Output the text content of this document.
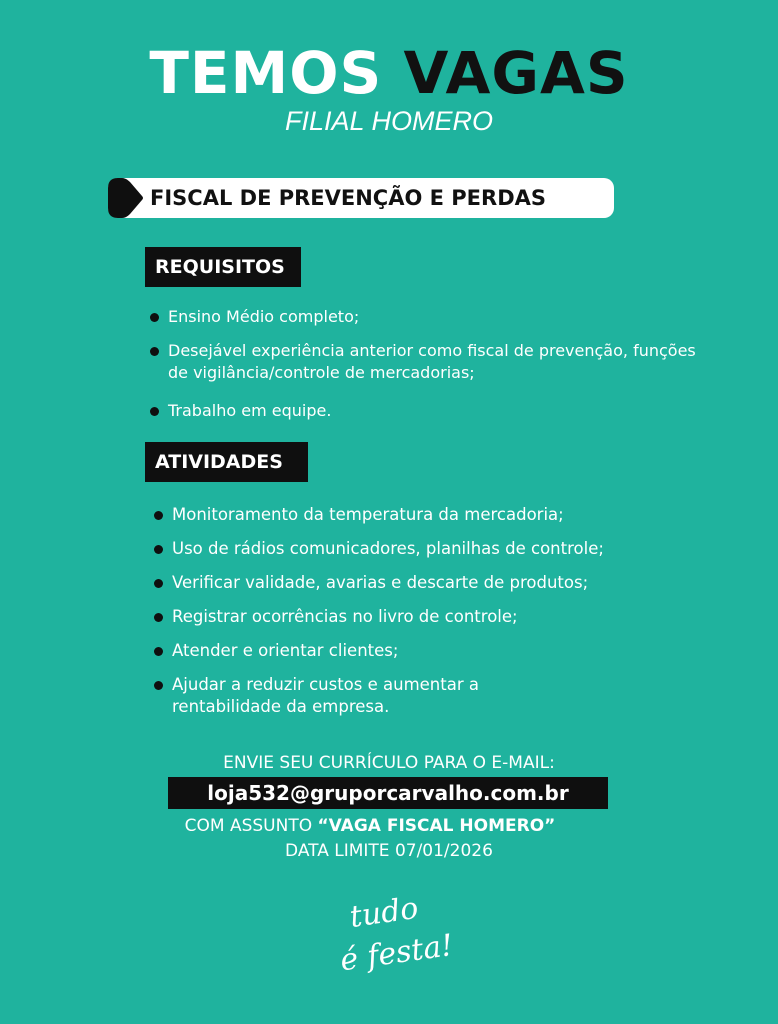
TEMOS VAGAS
FILIAL HOMERO
FISCAL DE PREVENÇÃO E PERDAS
REQUISITOS
Ensino Médio completo;
Desejável experiência anterior como fiscal de prevenção, funções de vigilância/controle de mercadorias;
Trabalho em equipe.
ATIVIDADES
Monitoramento da temperatura da mercadoria;
Uso de rádios comunicadores, planilhas de controle;
Verificar validade, avarias e descarte de produtos;
Registrar ocorrências no livro de controle;
Atender e orientar clientes;
Ajudar a reduzir custos e aumentar a rentabilidade da empresa.
ENVIE SEU CURRÍCULO PARA O E-MAIL:
loja532@gruporcarvalho.com.br
COM ASSUNTO “VAGA FISCAL HOMERO”
DATA LIMITE 07/01/2026
tudo
é festa!
